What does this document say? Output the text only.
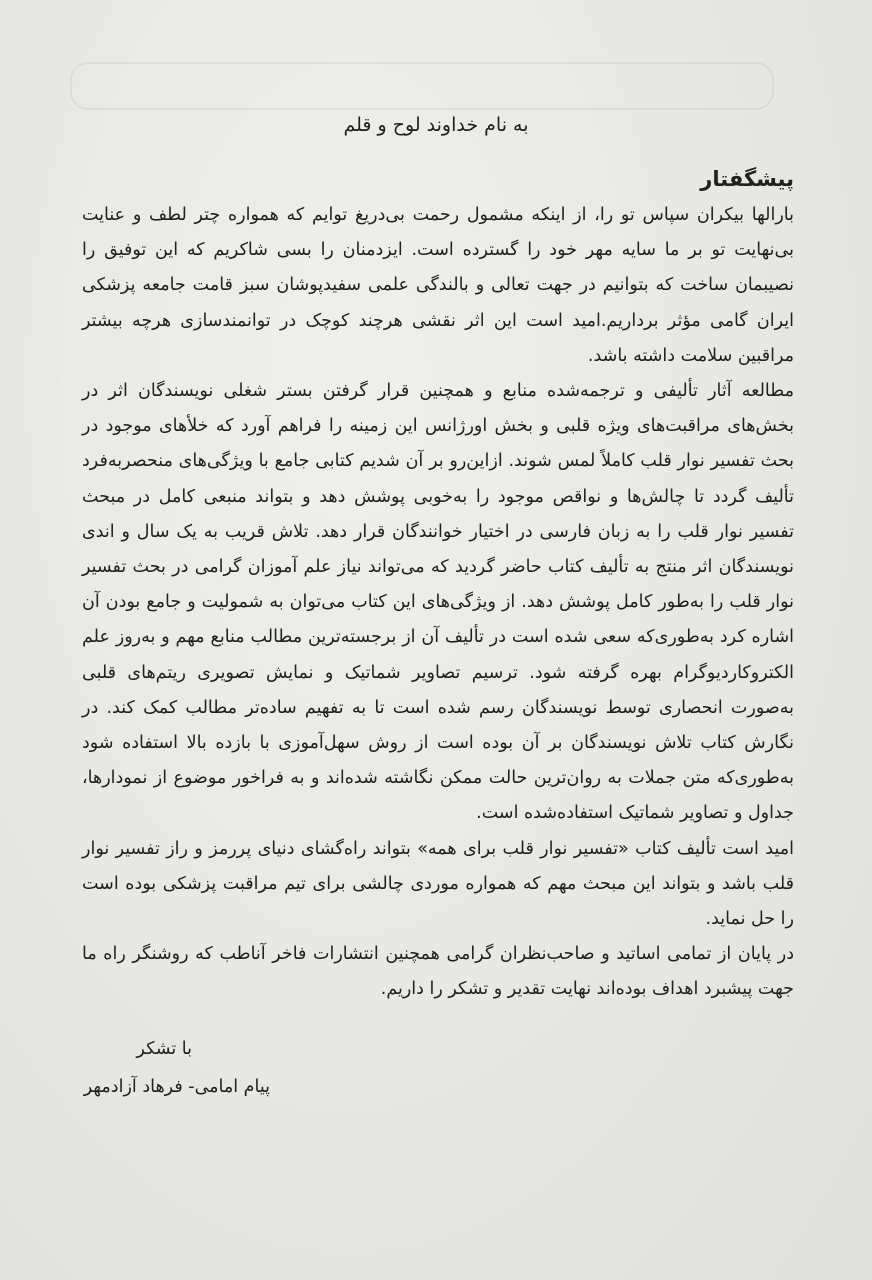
به نام خداوند لوح و قلم
پیشگفتار

بارالها بیکران سپاس تو را، از اینکه مشمول رحمت بی‌دریغ توایم که همواره چتر لطف و عنایت بی‌نهایت تو بر ما سایه مهر خود را گسترده است. ایزدمنان را بسی شاکریم که این توفیق را نصیبمان ساخت که بتوانیم در جهت تعالی و بالندگی علمی سفیدپوشان سبز قامت جامعه پزشکی ایران گامی مؤثر برداریم.امید است این اثر نقشی هرچند کوچک در توانمندسازی هرچه بیشتر مراقبین سلامت داشته باشد.

مطالعه آثار تألیفی و ترجمه‌شده منابع و همچنین قرار گرفتن بستر شغلی نویسندگان اثر در بخش‌های مراقبت‌های ویژه قلبی و بخش اورژانس این زمینه را فراهم آورد که خلأهای موجود در بحث تفسیر نوار قلب کاملاً لمس شوند. ازاین‌رو بر آن شدیم کتابی جامع با ویژگی‌های منحصربه‌فرد تألیف گردد تا چالش‌ها و نواقص موجود را به‌خوبی پوشش دهد و بتواند منبعی کامل در مبحث تفسیر نوار قلب را به زبان فارسی در اختیار خوانندگان قرار دهد. تلاش قریب به یک سال و اندی نویسندگان اثر منتج به تألیف کتاب حاضر گردید که می‌تواند نیاز علم آموزان گرامی در بحث تفسیر نوار قلب را به‌طور کامل پوشش دهد. از ویژگی‌های این کتاب می‌توان به شمولیت و جامع بودن آن اشاره کرد به‌طوری‌که سعی شده است در تألیف آن از برجسته‌ترین مطالب منابع مهم و به‌روز علم الکتروکاردیوگرام بهره گرفته شود. ترسیم تصاویر شماتیک و نمایش تصویری ریتم‌های قلبی به‌صورت انحصاری توسط نویسندگان رسم شده است تا به تفهیم ساده‌تر مطالب کمک کند. در نگارش کتاب تلاش نویسندگان بر آن بوده است از روش سهل‌آموزی با بازده بالا استفاده شود به‌طوری‌که متن جملات به روان‌ترین حالت ممکن نگاشته شده‌اند و به فراخور موضوع از نمودارها، جداول و تصاویر شماتیک استفاده‌شده است.

امید است تألیف کتاب «تفسیر نوار قلب برای همه» بتواند راه‌گشای دنیای پررمز و راز تفسیر نوار قلب باشد و بتواند این مبحث مهم که همواره موردی چالشی برای تیم مراقبت پزشکی بوده است را حل نماید.

در پایان از تمامی اساتید و صاحب‌نظران گرامی همچنین انتشارات فاخر آناطب که روشنگر راه ما جهت پیشبرد اهداف بوده‌اند نهایت تقدیر و تشکر را داریم.

با تشکر
پیام امامی- فرهاد آزادمهر
